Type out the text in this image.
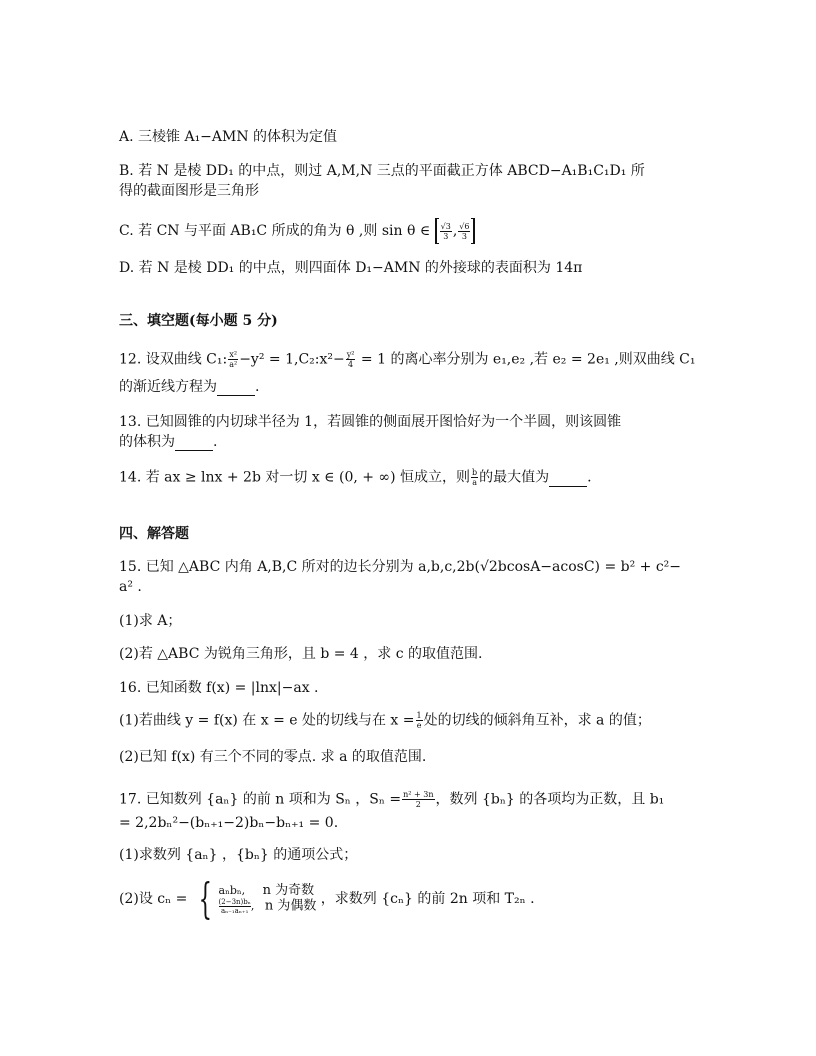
A. 三棱锥 A₁−AMN 的体积为定值
B. 若 N 是棱 DD₁ 的中点，则过 A,M,N 三点的平面截正方体 ABCD−A₁B₁C₁D₁ 所
得的截面图形是三角形
C. 若 CN 与平面 AB₁C 所成的角为 θ ,则 sin θ ∈ $\frac{√3}{3}$ , $\frac{√6}{3}$
D. 若 N 是棱 DD₁ 的中点，则四面体 D₁−AMN 的外接球的表面积为 14π
三、填空题(每小题 5 分)
12. 设双曲线 C₁: $\frac{\text{x²}}{\text{a²}} -y^2$ = 1,C₂:x²− $\frac{\text{y²}}{4} = 1$ 的离心率分别为 e₁,e₂ ,若 e₂ = 2e₁ ,则双曲线 C₁
的渐近线方程为	.
13. 已知圆锥的内切球半径为 1，若圆锥的侧面展开图恰好为一个半圆，则该圆锥
的体积为	.
14. 若 ax ≥ lnx + 2b 对一切 x ∈ (0, + ∞) 恒成立，则 $\frac{b}{a}$ 的最大值为	.
四、解答题
15. 已知 △ABC 内角 A,B,C 所对的边长分别为 a,b,c,2b(√2bcosA−acosC) = b² + c²−
a² .
(1)求 A；
(2)若 △ABC 为锐角三角形，且 b = 4 ，求 c 的取值范围.
16. 已知函数 f(x) = |lnx|−ax .
(1)若曲线 y = f(x) 在 x = e 处的切线与在 $x = \frac{1}{e}$ 处的切线的倾斜角互补，求 a 的值；
(2)已知 f(x) 有三个不同的零点. 求 a 的取值范围.
17. 已知数列 {aₙ} 的前 n 项和为 Sₙ ，$S_n = \frac{\text{n² + 3n}}{2}$ ，数列 {bₙ} 的各项均为正数，且 b₁
= 2,2bₙ²−(bₙ₊₁−2)bₙ−bₙ₊₁ = 0.
(1)求数列 {aₙ} ，{bₙ} 的通项公式；
(2)设 cₙ = { aₙbₙ, n 为奇数
$\frac{\text{(2−3n)bₙ}}{\text{aₙ₋₁aₙ₊₁}}$,   n 为偶数 ，求数列 {cₙ} 的前 2n 项和 T₂ₙ .
